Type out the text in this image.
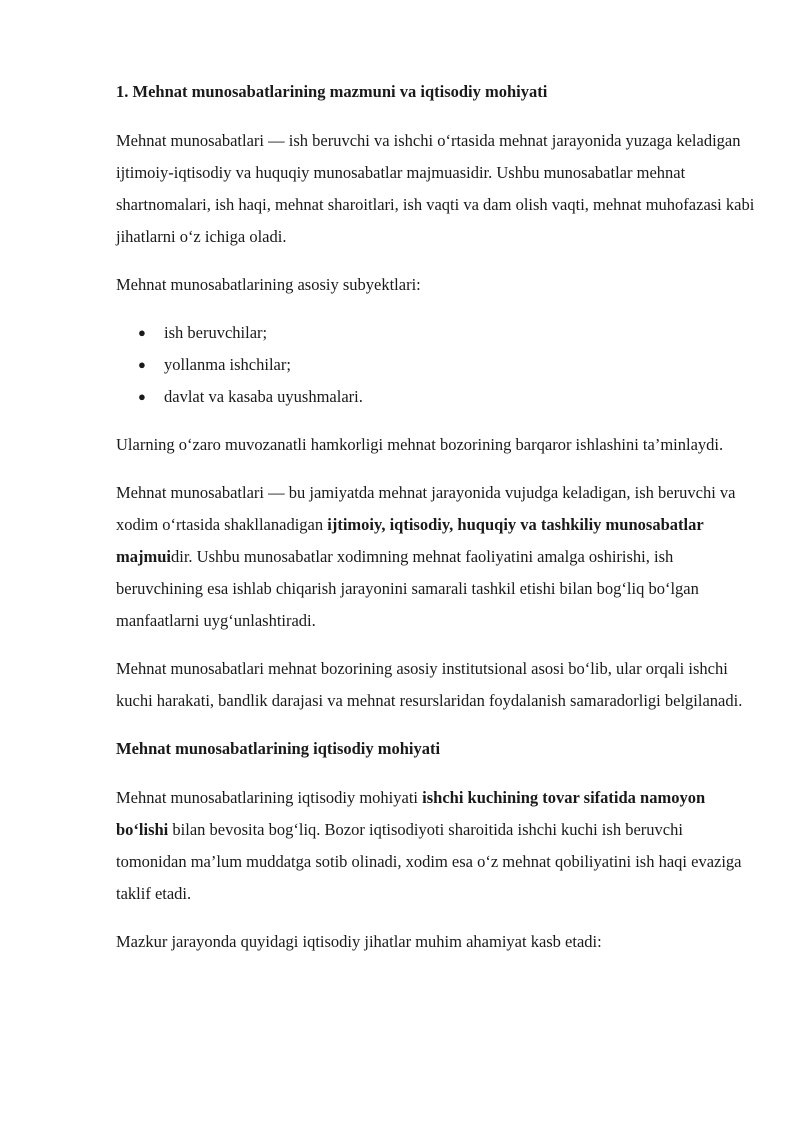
1. Mehnat munosabatlarining mazmuni va iqtisodiy mohiyati

Mehnat munosabatlari — ish beruvchi va ishchi oʻrtasida mehnat jarayonida yuzaga keladigan ijtimoiy-iqtisodiy va huquqiy munosabatlar majmuasidir. Ushbu munosabatlar mehnat shartnomalari, ish haqi, mehnat sharoitlari, ish vaqti va dam olish vaqti, mehnat muhofazasi kabi jihatlarni oʻz ichiga oladi.

Mehnat munosabatlarining asosiy subyektlari:

● ish beruvchilar;
● yollanma ishchilar;
● davlat va kasaba uyushmalari.

Ularning oʻzaro muvozanatli hamkorligi mehnat bozorining barqaror ishlashini ta’minlaydi.

Mehnat munosabatlari — bu jamiyatda mehnat jarayonida vujudga keladigan, ish beruvchi va xodim oʻrtasida shakllanadigan ijtimoiy, iqtisodiy, huquqiy va tashkiliy munosabatlar majmuidir. Ushbu munosabatlar xodimning mehnat faoliyatini amalga oshirishi, ish beruvchining esa ishlab chiqarish jarayonini samarali tashkil etishi bilan bogʻliq boʻlgan manfaatlarni uygʻunlashtiradi.

Mehnat munosabatlari mehnat bozorining asosiy institutsional asosi boʻlib, ular orqali ishchi kuchi harakati, bandlik darajasi va mehnat resurslaridan foydalanish samaradorligi belgilanadi.

Mehnat munosabatlarining iqtisodiy mohiyati

Mehnat munosabatlarining iqtisodiy mohiyati ishchi kuchining tovar sifatida namoyon boʻlishi bilan bevosita bogʻliq. Bozor iqtisodiyoti sharoitida ishchi kuchi ish beruvchi tomonidan ma’lum muddatga sotib olinadi, xodim esa oʻz mehnat qobiliyatini ish haqi evaziga taklif etadi.

Mazkur jarayonda quyidagi iqtisodiy jihatlar muhim ahamiyat kasb etadi:
